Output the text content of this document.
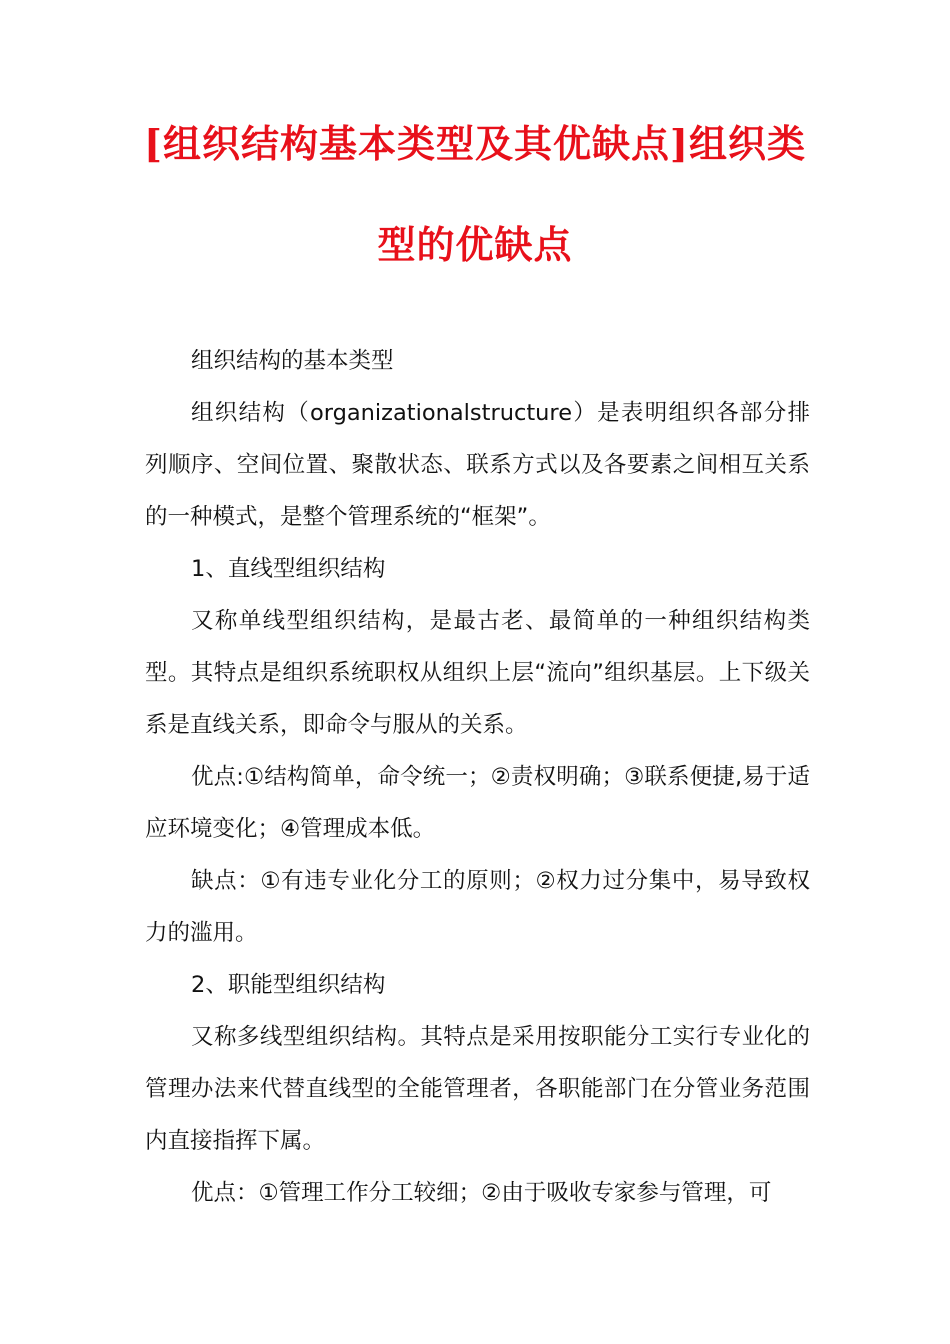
[组织结构基本类型及其优缺点]组织类
型的优缺点

组织结构的基本类型

组织结构（organizationalstructure）是表明组织各部分排列顺序、空间位置、聚散状态、联系方式以及各要素之间相互关系的一种模式，是整个管理系统的“框架”。

1、直线型组织结构

又称单线型组织结构，是最古老、最简单的一种组织结构类型。其特点是组织系统职权从组织上层“流向”组织基层。上下级关系是直线关系，即命令与服从的关系。

优点:①结构简单，命令统一；②责权明确；③联系便捷,易于适应环境变化；④管理成本低。

缺点：①有违专业化分工的原则；②权力过分集中，易导致权力的滥用。

2、职能型组织结构

又称多线型组织结构。其特点是采用按职能分工实行专业化的管理办法来代替直线型的全能管理者，各职能部门在分管业务范围内直接指挥下属。

优点：①管理工作分工较细；②由于吸收专家参与管理，可
